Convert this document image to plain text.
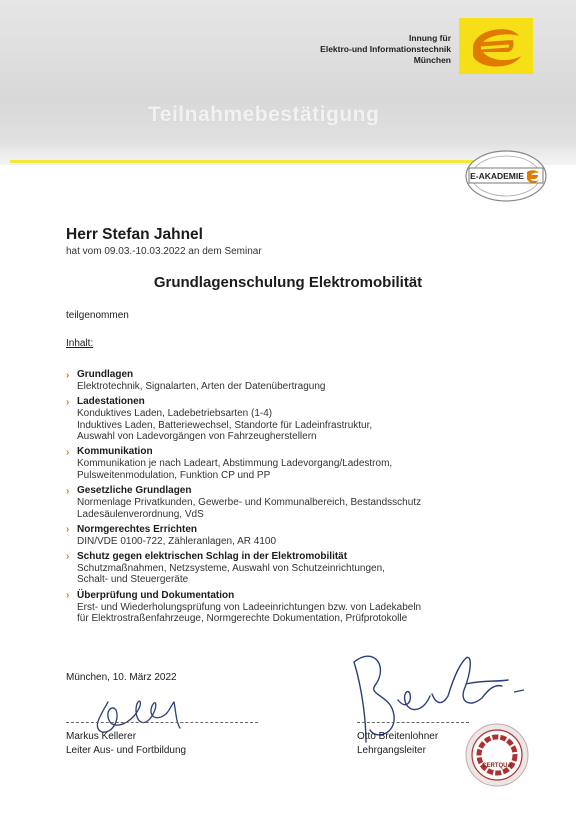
Innung für
Elektro-und Informationstechnik
München
Teilnahmebestätigung
E-AKADEMIE
Herr Stefan Jahnel
hat vom 09.03.-10.03.2022 an dem Seminar
Grundlagenschulung Elektromobilität
teilgenommen
Inhalt:
› Grundlagen
Elektrotechnik, Signalarten, Arten der Datenübertragung
› Ladestationen
Konduktives Laden, Ladebetriebsarten (1-4)
Induktives Laden, Batteriewechsel, Standorte für Ladeinfrastruktur,
Auswahl von Ladevorgängen von Fahrzeugherstellern
› Kommunikation
Kommunikation je nach Ladeart, Abstimmung Ladevorgang/Ladestrom,
Pulsweitenmodulation, Funktion CP und PP
› Gesetzliche Grundlagen
Normenlage Privatkunden, Gewerbe- und Kommunalbereich, Bestandsschutz
Ladesäulenverordnung, VdS
› Normgerechtes Errichten
DIN/VDE 0100-722, Zähleranlagen, AR 4100
› Schutz gegen elektrischen Schlag in der Elektromobilität
Schutzmaßnahmen, Netzsysteme, Auswahl von Schutzeinrichtungen,
Schalt- und Steuergeräte
› Überprüfung und Dokumentation
Erst- und Wiederholungsprüfung von Ladeeinrichtungen bzw. von Ladekabeln
für Elektrostraßenfahrzeuge, Normgerechte Dokumentation, Prüfprotokolle
München, 10. März 2022
Markus Kellerer
Leiter Aus- und Fortbildung
Otto Breitenlohner
Lehrgangsleiter
CERTQUA
